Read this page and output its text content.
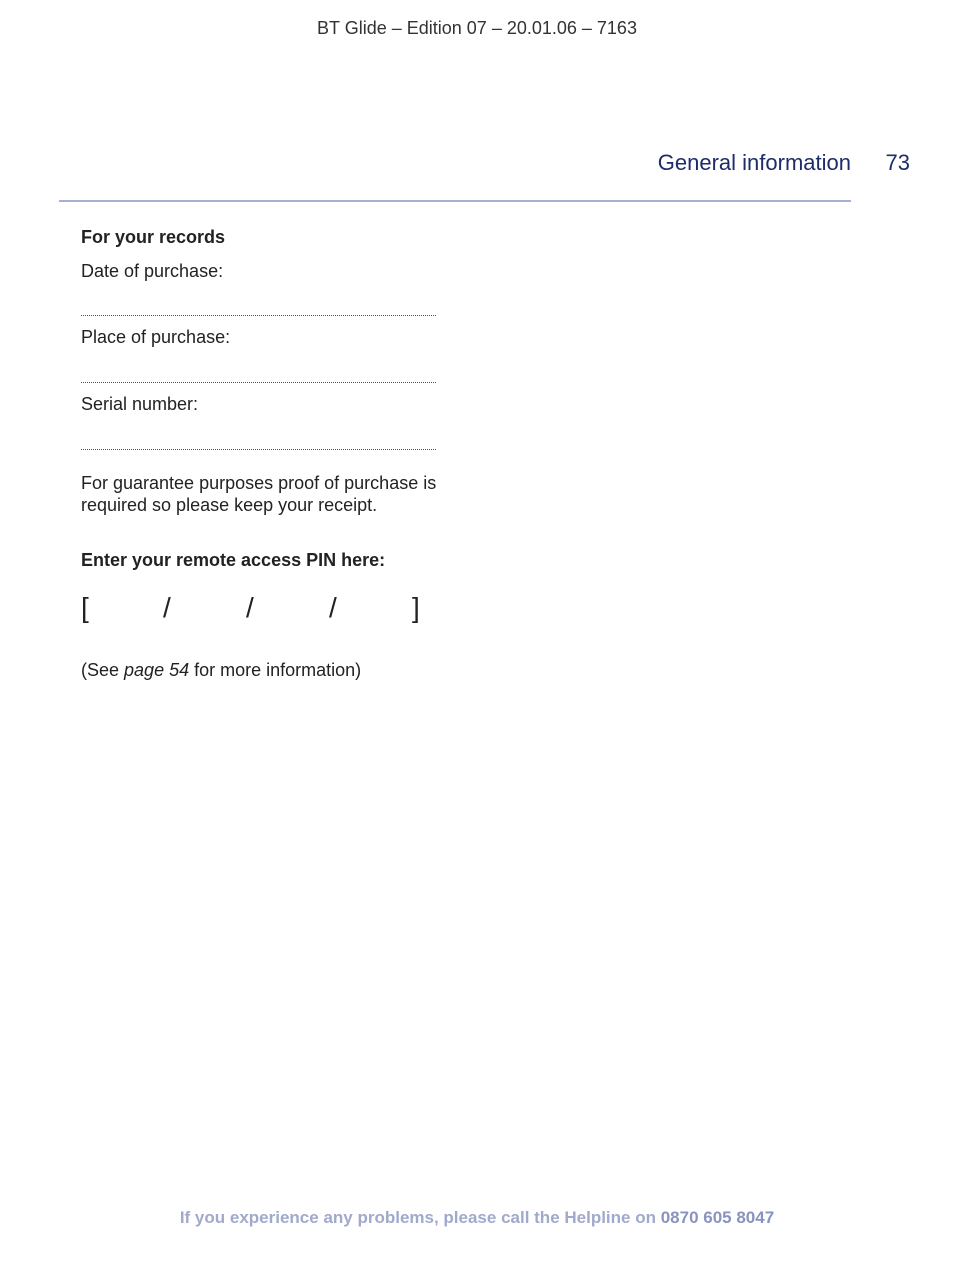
BT Glide – Edition 07 – 20.01.06 – 7163
General information	73
For your records
Date of purchase:
Place of purchase:
Serial number:
For guarantee purposes proof of purchase is
required so please keep your receipt.
Enter your remote access PIN here:
[	/	/	/	]
(See page 54 for more information)
If you experience any problems, please call the Helpline on 0870 605 8047
